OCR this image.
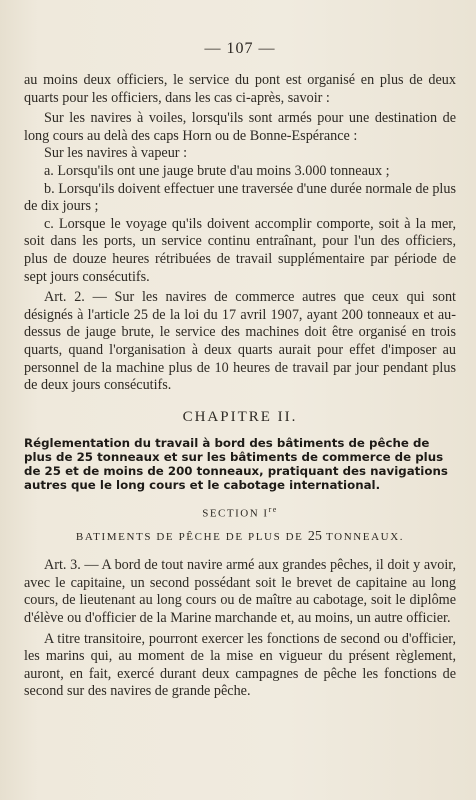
— 107 —

au moins deux officiers, le service du pont est organisé en plus de deux quarts pour les officiers, dans les cas ci-après, savoir :

Sur les navires à voiles, lorsqu'ils sont armés pour une destination de long cours au delà des caps Horn ou de Bonne-Espérance :

Sur les navires à vapeur :

a. Lorsqu'ils ont une jauge brute d'au moins 3.000 tonneaux ;

b. Lorsqu'ils doivent effectuer une traversée d'une durée normale de plus de dix jours ;

c. Lorsque le voyage qu'ils doivent accomplir comporte, soit à la mer, soit dans les ports, un service continu entraînant, pour l'un des officiers, plus de douze heures rétribuées de travail supplémentaire par période de sept jours consécutifs.

Art. 2. — Sur les navires de commerce autres que ceux qui sont désignés à l'article 25 de la loi du 17 avril 1907, ayant 200 tonneaux et au-dessus de jauge brute, le service des machines doit être organisé en trois quarts, quand l'organisation à deux quarts aurait pour effet d'imposer au personnel de la machine plus de 10 heures de travail par jour pendant plus de deux jours consécutifs.

CHAPITRE II.
Réglementation du travail à bord des bâtiments de pêche de plus de 25 tonneaux et sur les bâtiments de commerce de plus de 25 et de moins de 200 tonneaux, pratiquant des navigations autres que le long cours et le cabotage international.
SECTION Ire
BATIMENTS DE PÊCHE DE PLUS DE 25 TONNEAUX.

Art. 3. — A bord de tout navire armé aux grandes pêches, il doit y avoir, avec le capitaine, un second possédant soit le brevet de capitaine au long cours, de lieutenant au long cours ou de maître au cabotage, soit le diplôme d'élève ou d'officier de la Marine marchande et, au moins, un autre officier.

A titre transitoire, pourront exercer les fonctions de second ou d'officier, les marins qui, au moment de la mise en vigueur du présent règlement, auront, en fait, exercé durant deux campagnes de pêche les fonctions de second sur des navires de grande pêche.
